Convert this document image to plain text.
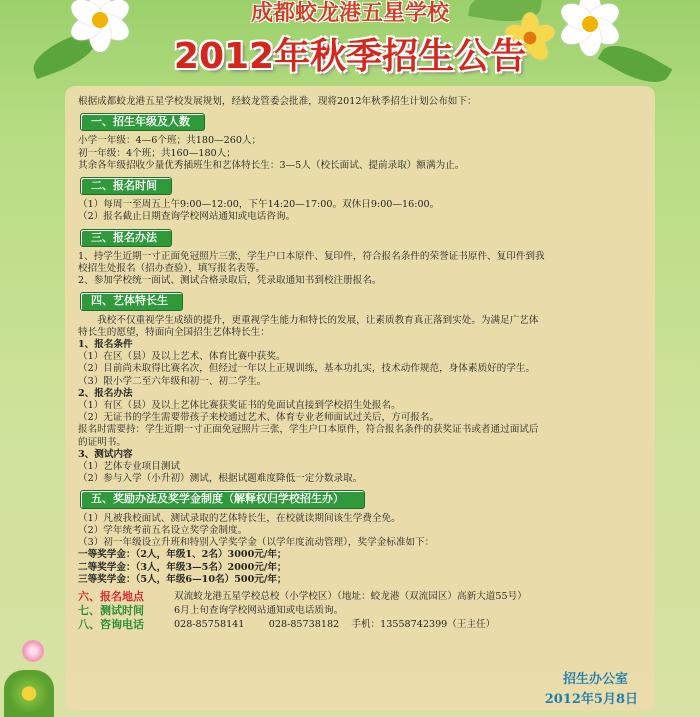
成都蛟龙港五星学校
2012年秋季招生公告

根据成都蛟龙港五星学校发展规划，经蛟龙管委会批准，现将2012年秋季招生计划公布如下：

一、招生年级及人数

小学一年级：4—6个班；共180—260人；

初一年级：4个班；共160—180人；

其余各年级招收少量优秀插班生和艺体特长生：3—5人（校长面试、提前录取）额满为止。

二、报名时间

（1）每周一至周五上午9:00—12:00，下午14:20—17:00。双休日9:00—16:00。

（2）报名截止日期查询学校网站通知或电话咨询。

三、报名办法

1、持学生近期一寸正面免冠照片三张，学生户口本原件、复印件，符合报名条件的荣誉证书原件、复印件到我

校招生处报名（招办查验），填写报名表等。

2、参加学校统一面试、测试合格录取后，凭录取通知书到校注册报名。

四、艺体特长生

我校不仅重视学生成绩的提升，更重视学生能力和特长的发展，让素质教育真正落到实处。为满足广艺体

特长生的愿望，特面向全国招生艺体特长生：

1、报名条件

（1）在区（县）及以上艺术、体育比赛中获奖。

（2）目前尚未取得比赛名次，但经过一年以上正规训练，基本功扎实，技术动作规范，身体素质好的学生。

（3）限小学二至六年级和初一、初二学生。

2、报名办法

（1）有区（县）及以上艺体比赛获奖证书的免面试直接到学校招生处报名。

（2）无证书的学生需要带孩子来校通过艺术、体育专业老师面试过关后，方可报名。

报名时需要持：学生近期一寸正面免冠照片三张，学生户口本原件，符合报名条件的获奖证书或者通过面试后

的证明书。

3、测试内容

（1）艺体专业项目测试

（2）参与入学（小升初）测试，根据试题难度降低一定分数录取。

五、奖励办法及奖学金制度（解释权归学校招生办）

（1）凡被我校面试、测试录取的艺体特长生，在校就读期间该生学费全免。

（2）学年统考前五名设立奖学金制度。

（3）初一年级设立升班和特别入学奖学金（以学年度流动管理），奖学金标准如下：

一等奖学金：（2人，年级1、2名）3000元/年；

二等奖学金：（3人，年级3—5名）2000元/年；

三等奖学金：（5人，年级6—10名）500元/年；

六、报名地点	双流蛟龙港五星学校总校（小学校区）（地址：蛟龙港（双流园区）高新大道55号）
七、测试时间	6月上旬查询学校网站通知或电话质询。
八、咨询电话	028-85758141        028-85738182    手机：13558742399（王主任）
招生办公室
2012年5月8日
